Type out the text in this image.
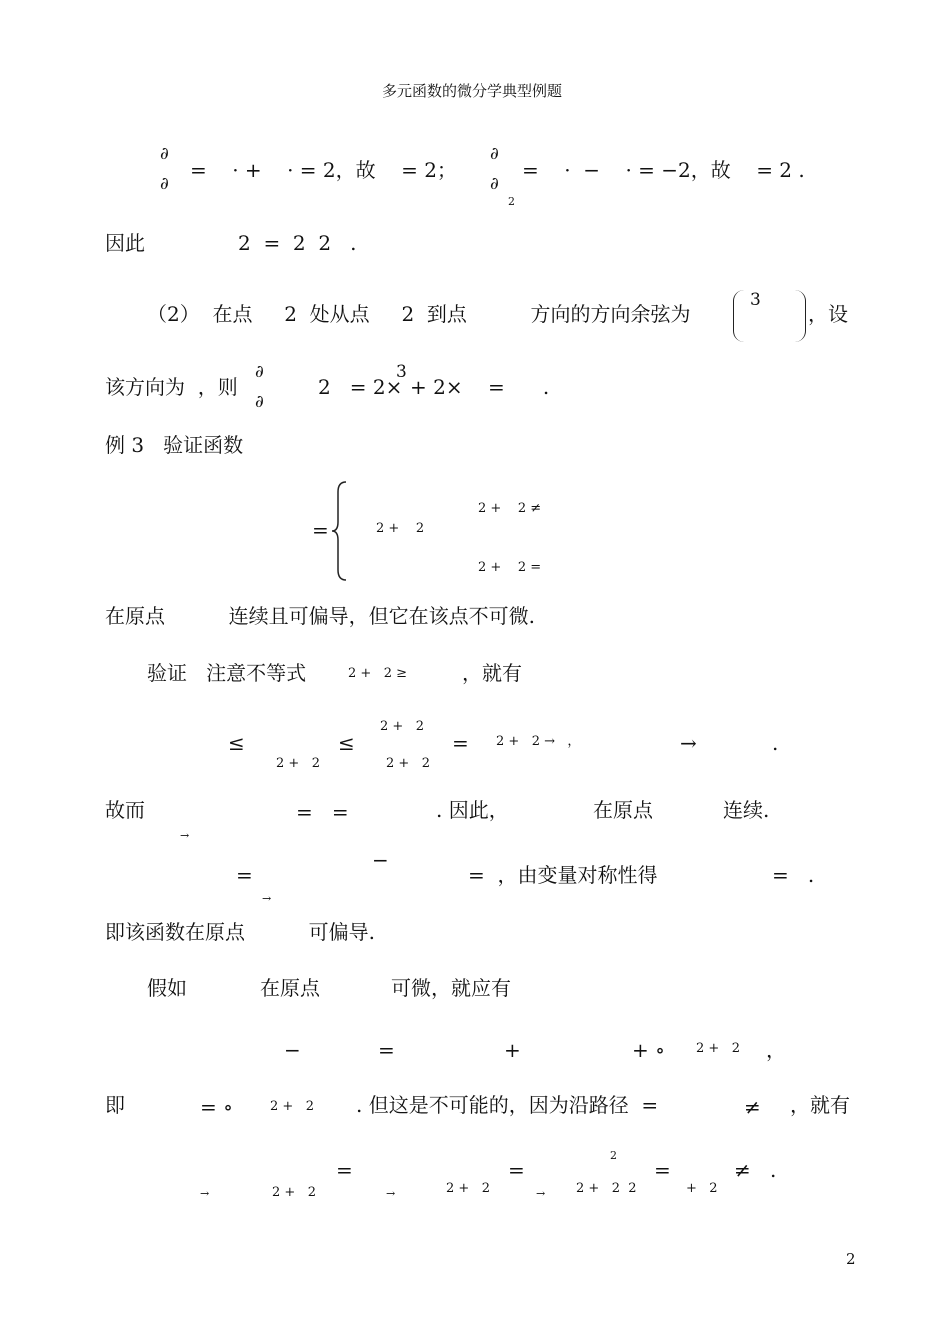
多元函数的微分学典型例题
∂
∂
=    · +    · = 2，故    = 2；
∂
∂
2
=    ·  −    · = −2，故    = 2 .
因此	2  =  2  2   .
（2）  在点     2  处从点     2  到点          方向的方向余弦为
3
，设
该方向为  ，则
∂
∂
2   = 2×
3
+ 2×    =      .
例 3   验证函数
=
2 +    2 ≠
2 +    2
2 +    2 =
在原点          连续且可偏导，但它在该点不可微.
验证   注意不等式	2 +   2 ≥	，就有
≤	≤
2 +   2
2 +   2	2 +   2
= 2 +   2 →   ，	→	.
故而
→
=   =	. 因此，	在原点	连续.
=
→
−
=  ，由变量对称性得	=   .
即该函数在原点          可偏导.
假如	在原点	可微，就应有
−	=	+	+ ∘ 2 +   2 ，
即	= ∘	2 +   2 . 但这是不可能的，因为沿路径  =	≠ ，就有
=	=
2
=	≠ .
→	→	→
2 +   2	2 +   2	2 +   2  2	+   2
2
